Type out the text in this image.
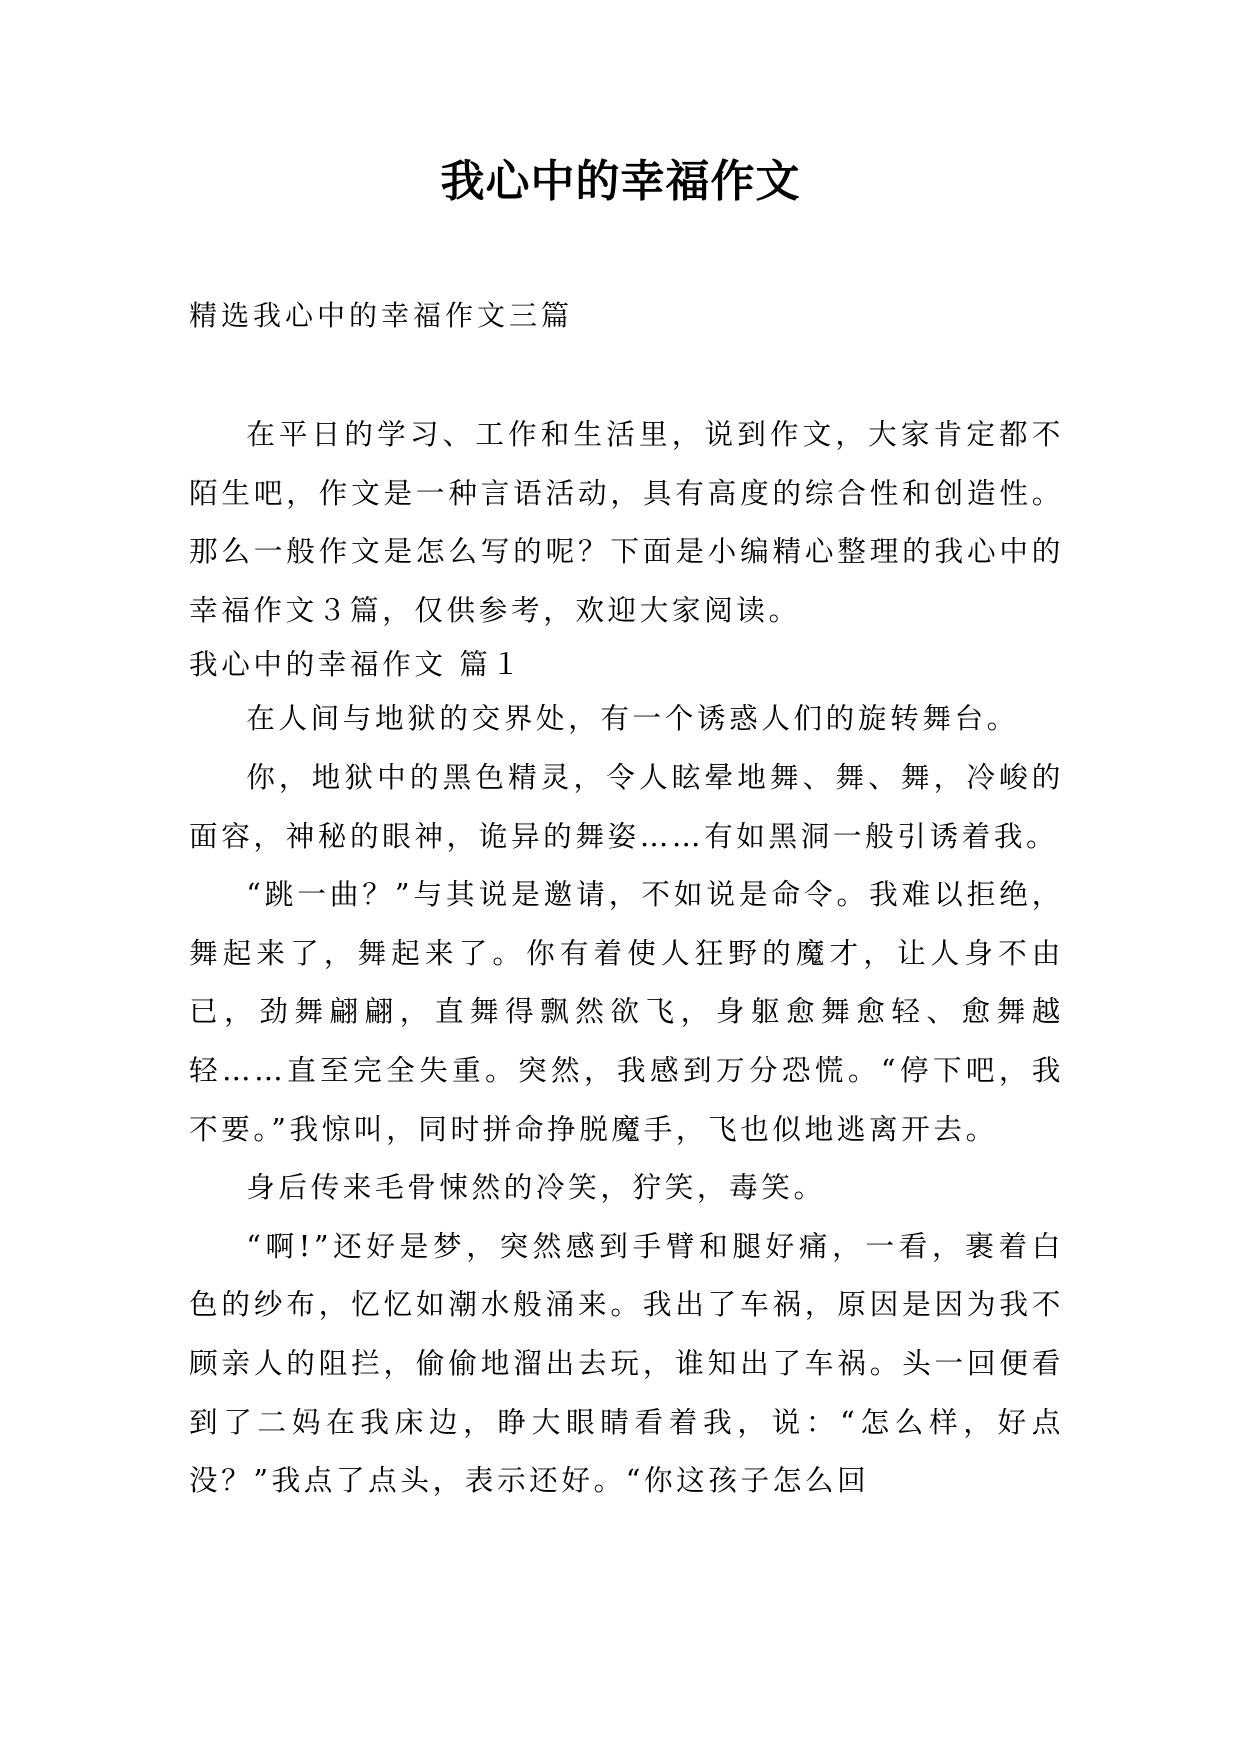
我心中的幸福作文

精选我心中的幸福作文三篇

在平日的学习、工作和生活里，说到作文，大家肯定都不陌生吧，作文是一种言语活动，具有高度的综合性和创造性。那么一般作文是怎么写的呢？下面是小编精心整理的我心中的幸福作文３篇，仅供参考，欢迎大家阅读。

我心中的幸福作文 篇１

在人间与地狱的交界处，有一个诱惑人们的旋转舞台。

你，地狱中的黑色精灵，令人眩晕地舞、舞、舞，冷峻的面容，神秘的眼神，诡异的舞姿……有如黑洞一般引诱着我。

“跳一曲？”与其说是邀请，不如说是命令。我难以拒绝，舞起来了，舞起来了。你有着使人狂野的魔才，让人身不由已，劲舞翩翩，直舞得飘然欲飞，身躯愈舞愈轻、愈舞越轻……直至完全失重。突然，我感到万分恐慌。“停下吧，我不要。”我惊叫，同时拼命挣脱魔手，飞也似地逃离开去。

身后传来毛骨悚然的冷笑，狞笑，毒笑。

“啊!”还好是梦，突然感到手臂和腿好痛，一看，裹着白色的纱布，忆忆如潮水般涌来。我出了车祸，原因是因为我不顾亲人的阻拦，偷偷地溜出去玩，谁知出了车祸。头一回便看到了二妈在我床边，睁大眼睛看着我，说：“怎么样，好点没？”我点了点头，表示还好。“你这孩子怎么回
